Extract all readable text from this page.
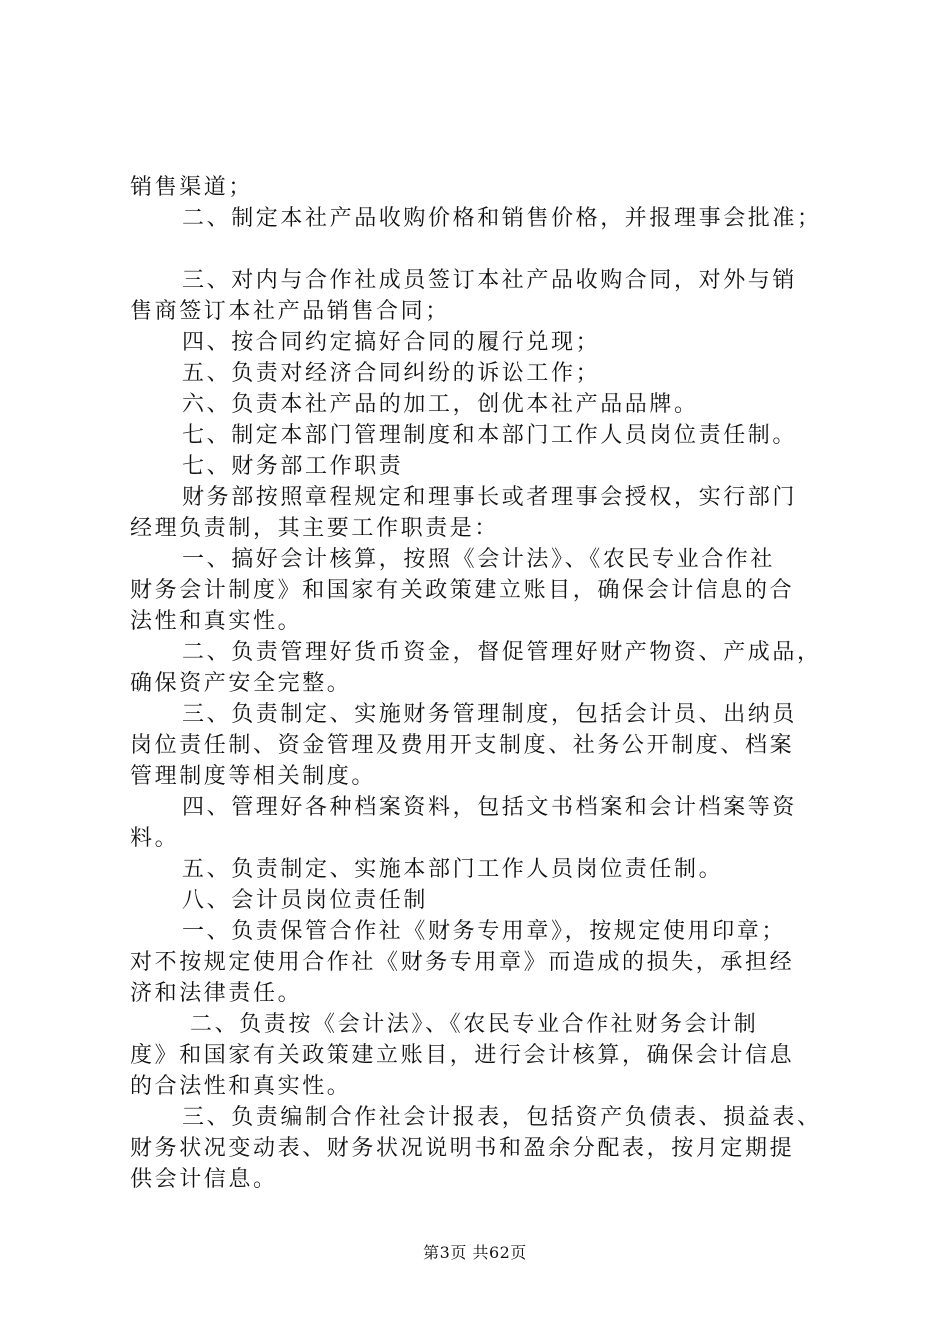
销售渠道；
二、制定本社产品收购价格和销售价格，并报理事会批准；
三、对内与合作社成员签订本社产品收购合同，对外与销
售商签订本社产品销售合同；
四、按合同约定搞好合同的履行兑现；
五、负责对经济合同纠纷的诉讼工作；
六、负责本社产品的加工，创优本社产品品牌。
七、制定本部门管理制度和本部门工作人员岗位责任制。
七、财务部工作职责
财务部按照章程规定和理事长或者理事会授权，实行部门
经理负责制，其主要工作职责是：
一、搞好会计核算，按照《会计法》、《农民专业合作社
财务会计制度》和国家有关政策建立账目，确保会计信息的合
法性和真实性。
二、负责管理好货币资金，督促管理好财产物资、产成品，
确保资产安全完整。
三、负责制定、实施财务管理制度，包括会计员、出纳员
岗位责任制、资金管理及费用开支制度、社务公开制度、档案
管理制度等相关制度。
四、管理好各种档案资料，包括文书档案和会计档案等资
料。
五、负责制定、实施本部门工作人员岗位责任制。
八、会计员岗位责任制
一、负责保管合作社《财务专用章》，按规定使用印章；
对不按规定使用合作社《财务专用章》而造成的损失，承担经
济和法律责任。
二、负责按《会计法》、《农民专业合作社财务会计制
度》和国家有关政策建立账目，进行会计核算，确保会计信息
的合法性和真实性。
三、负责编制合作社会计报表，包括资产负债表、损益表、
财务状况变动表、财务状况说明书和盈余分配表，按月定期提
供会计信息。
第3页 共62页
